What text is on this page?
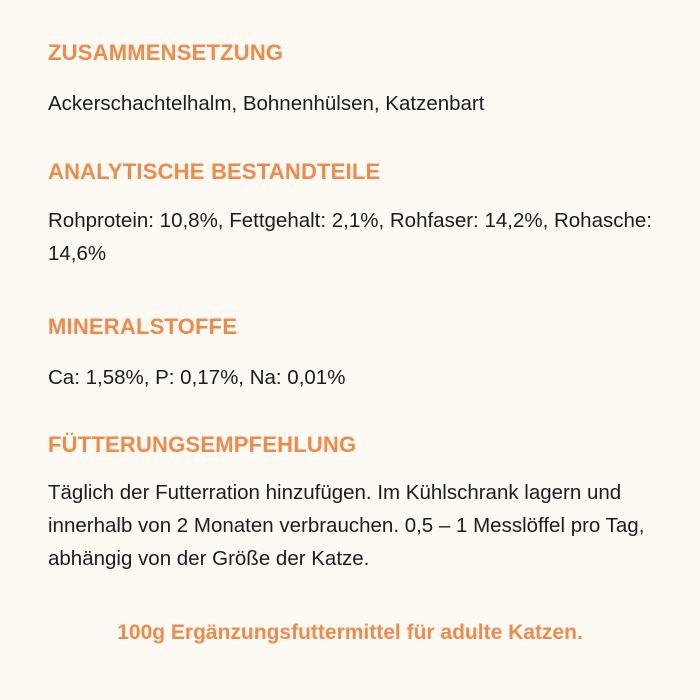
ZUSAMMENSETZUNG

Ackerschachtelhalm, Bohnenhülsen, Katzenbart

ANALYTISCHE BESTANDTEILE

Rohprotein: 10,8%, Fettgehalt: 2,1%, Rohfaser: 14,2%, Rohasche: 14,6%

MINERALSTOFFE

Ca: 1,58%, P: 0,17%, Na: 0,01%

FÜTTERUNGSEMPFEHLUNG

Täglich der Futterration hinzufügen. Im Kühlschrank lagern und innerhalb von 2 Monaten verbrauchen. 0,5 – 1 Messlöffel pro Tag, abhängig von der Größe der Katze.

100g Ergänzungsfuttermittel für adulte Katzen.
